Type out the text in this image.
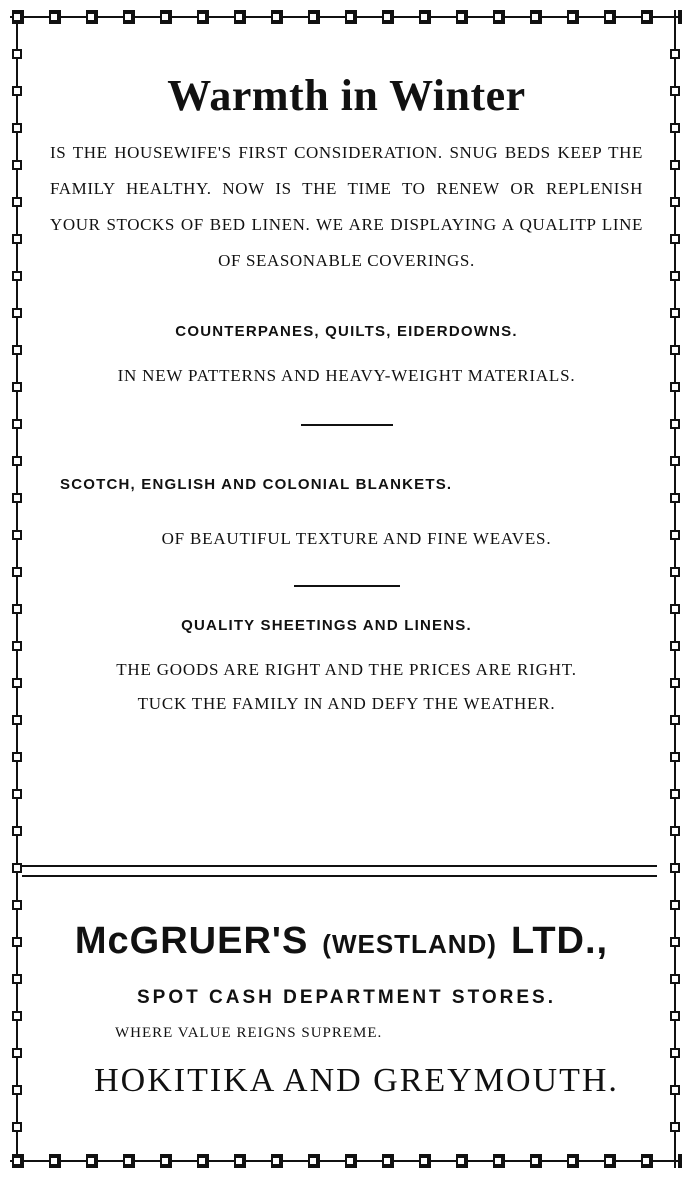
Warmth in Winter
IS THE HOUSEWIFE'S FIRST CONSIDERATION. SNUG BEDS KEEP THE FAMILY HEALTHY. NOW IS THE TIME TO RENEW OR REPLENISH YOUR STOCKS OF BED LINEN. WE ARE DISPLAYING A QUALITP LINE OF SEASONABLE COVERINGS.
COUNTERPANES, QUILTS, EIDERDOWNS.
IN NEW PATTERNS AND HEAVY-WEIGHT MATERIALS.
SCOTCH, ENGLISH AND COLONIAL BLANKETS.
OF BEAUTIFUL TEXTURE AND FINE WEAVES.
QUALITY SHEETINGS AND LINENS.
THE GOODS ARE RIGHT AND THE PRICES ARE RIGHT.
TUCK THE FAMILY IN AND DEFY THE WEATHER.
McGRUER'S (WESTLAND) LTD.,
SPOT CASH DEPARTMENT STORES.
WHERE VALUE REIGNS SUPREME.
HOKITIKA AND GREYMOUTH.
